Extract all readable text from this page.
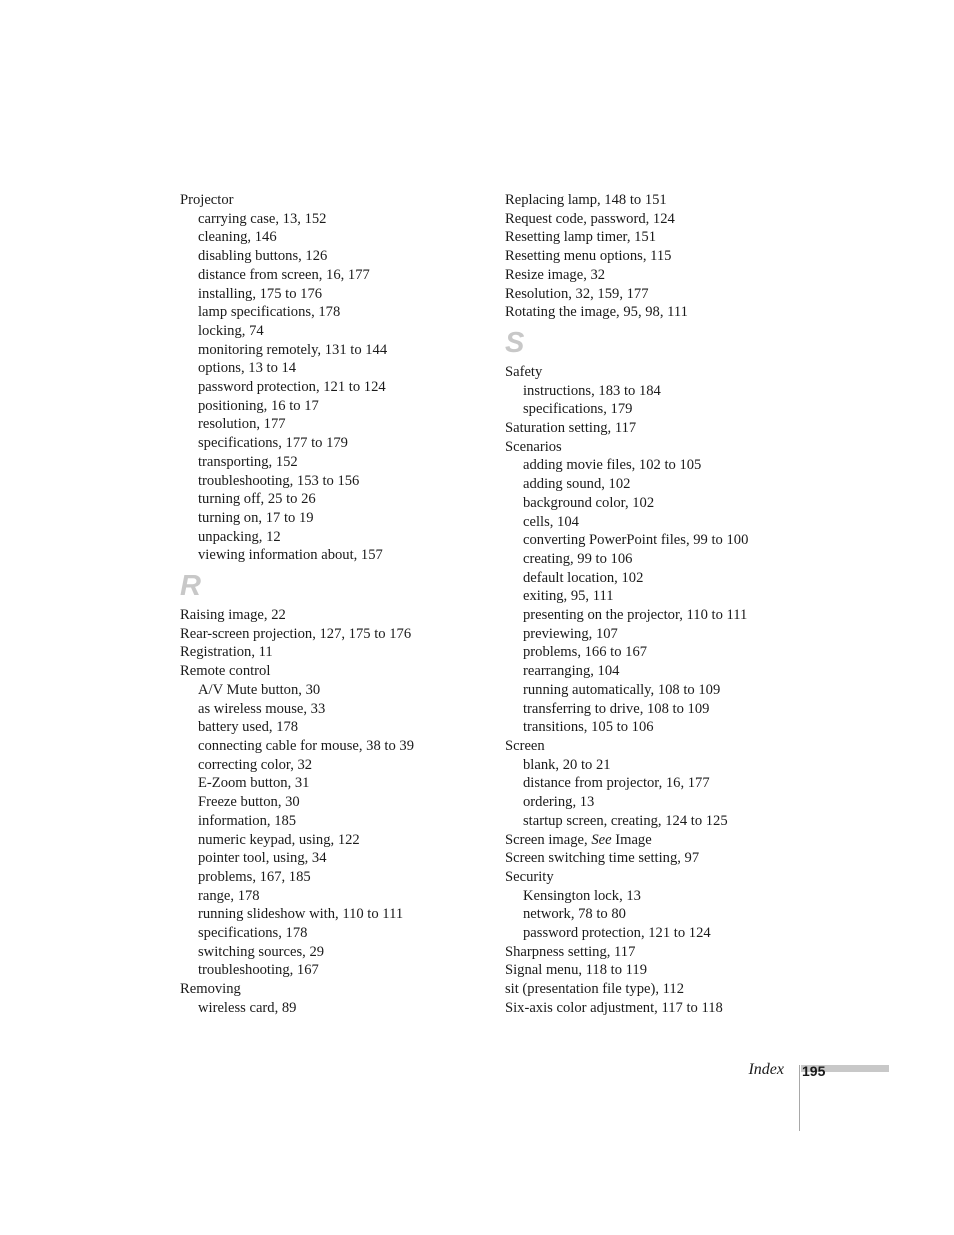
Projector
carrying case, 13, 152
cleaning, 146
disabling buttons, 126
distance from screen, 16, 177
installing, 175 to 176
lamp specifications, 178
locking, 74
monitoring remotely, 131 to 144
options, 13 to 14
password protection, 121 to 124
positioning, 16 to 17
resolution, 177
specifications, 177 to 179
transporting, 152
troubleshooting, 153 to 156
turning off, 25 to 26
turning on, 17 to 19
unpacking, 12
viewing information about, 157
R
Raising image, 22
Rear-screen projection, 127, 175 to 176
Registration, 11
Remote control
A/V Mute button, 30
as wireless mouse, 33
battery used, 178
connecting cable for mouse, 38 to 39
correcting color, 32
E-Zoom button, 31
Freeze button, 30
information, 185
numeric keypad, using, 122
pointer tool, using, 34
problems, 167, 185
range, 178
running slideshow with, 110 to 111
specifications, 178
switching sources, 29
troubleshooting, 167
Removing
wireless card, 89
Replacing lamp, 148 to 151
Request code, password, 124
Resetting lamp timer, 151
Resetting menu options, 115
Resize image, 32
Resolution, 32, 159, 177
Rotating the image, 95, 98, 111
S
Safety
instructions, 183 to 184
specifications, 179
Saturation setting, 117
Scenarios
adding movie files, 102 to 105
adding sound, 102
background color, 102
cells, 104
converting PowerPoint files, 99 to 100
creating, 99 to 106
default location, 102
exiting, 95, 111
presenting on the projector, 110 to 111
previewing, 107
problems, 166 to 167
rearranging, 104
running automatically, 108 to 109
transferring to drive, 108 to 109
transitions, 105 to 106
Screen
blank, 20 to 21
distance from projector, 16, 177
ordering, 13
startup screen, creating, 124 to 125
Screen image, See Image
Screen switching time setting, 97
Security
Kensington lock, 13
network, 78 to 80
password protection, 121 to 124
Sharpness setting, 117
Signal menu, 118 to 119
sit (presentation file type), 112
Six-axis color adjustment, 117 to 118
Index 195
